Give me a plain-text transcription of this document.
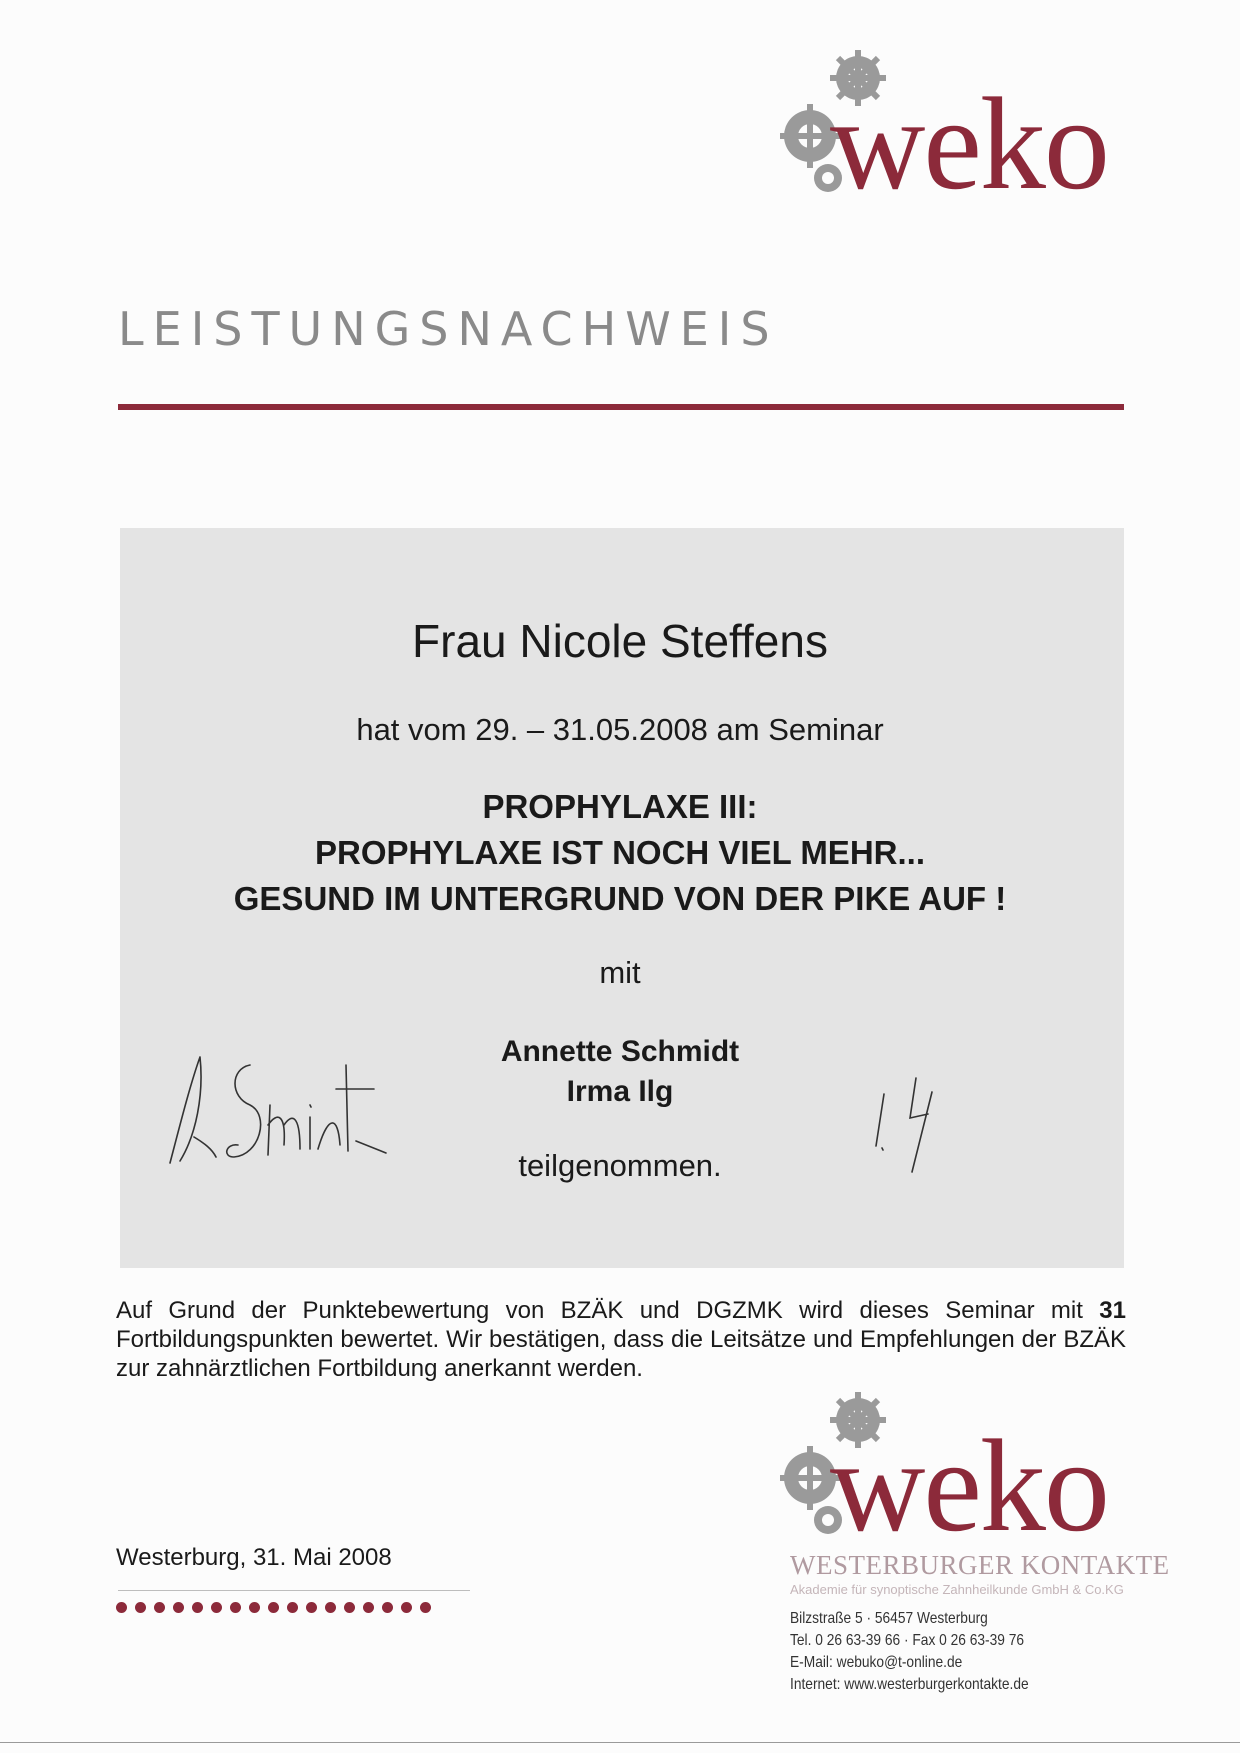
weko
LEISTUNGSNACHWEIS
Frau Nicole Steffens
hat vom 29. – 31.05.2008 am Seminar
PROPHYLAXE III:
PROPHYLAXE IST NOCH VIEL MEHR...
GESUND IM UNTERGRUND VON DER PIKE AUF !
mit
Annette Schmidt
Irma Ilg
teilgenommen.
Auf Grund der Punktebewertung von BZÄK und DGZMK wird dieses Seminar mit 31 Fortbildungspunkten bewertet. Wir bestätigen, dass die Leitsätze und Empfehlungen der BZÄK zur zahnärztlichen Fortbildung anerkannt werden.
weko
Westerburg, 31. Mai 2008	WESTERBURGER KONTAKTE
Akademie für synoptische Zahnheilkunde GmbH & Co.KG
Bilzstraße 5 · 56457 Westerburg
Tel. 0 26 63-39 66 · Fax 0 26 63-39 76
E-Mail: webuko@t-online.de
Internet: www.westerburgerkontakte.de
